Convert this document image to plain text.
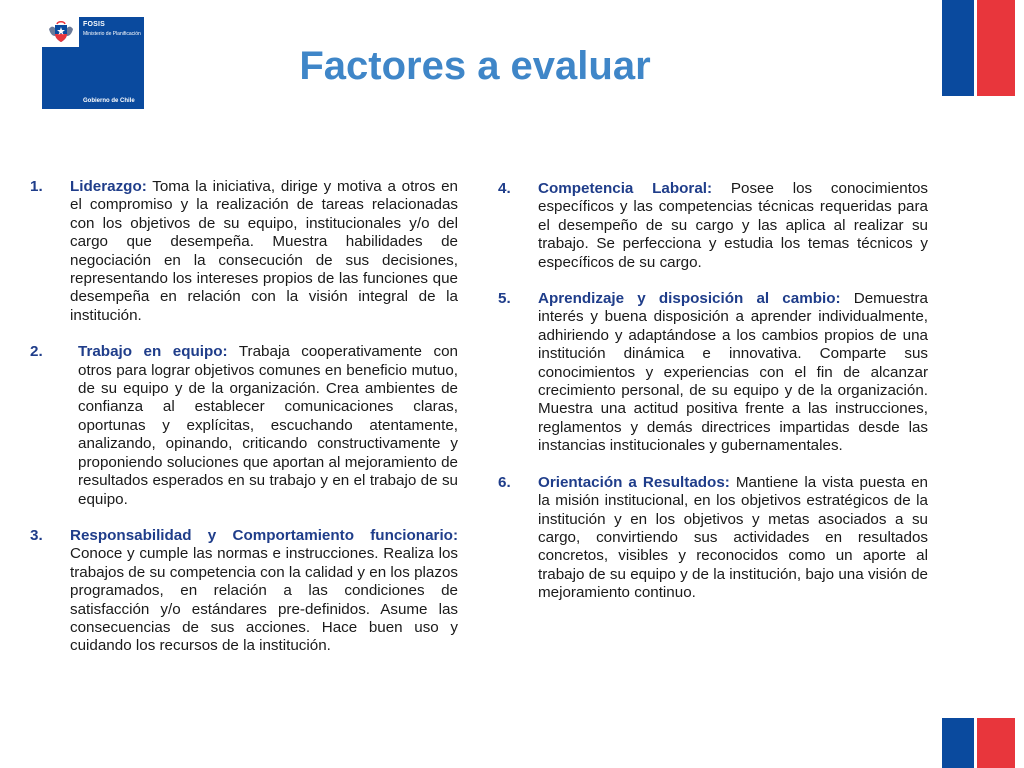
FOSIS
Ministerio de Planificación
Gobierno de Chile
Factores a evaluar
1.	Liderazgo: Toma la iniciativa, dirige y motiva a otros en el compromiso y la realización de tareas relacionadas con los objetivos de su equipo, institucionales y/o del cargo que desempeña. Muestra habilidades de negociación en la consecución de sus decisiones, representando los intereses propios de las funciones que desempeña en relación con la visión integral de la institución.
2.	Trabajo en equipo: Trabaja cooperativamente con otros para lograr objetivos comunes en beneficio mutuo, de su equipo y de la organización. Crea ambientes de confianza al establecer comunicaciones claras, oportunas y explícitas, escuchando atentamente, analizando, opinando, criticando constructivamente y proponiendo soluciones que aportan al mejoramiento de resultados esperados en su trabajo y en el trabajo de su equipo.
3.	Responsabilidad y Comportamiento funcionario: Conoce y cumple las normas e instrucciones. Realiza los trabajos de su competencia con la calidad y en los plazos programados, en relación a las condiciones de satisfacción y/o estándares pre-definidos. Asume las consecuencias de sus acciones. Hace buen uso y cuidando los recursos de la institución.
4.	Competencia Laboral: Posee los conocimientos específicos y las competencias técnicas requeridas para el desempeño de su cargo y las aplica al realizar su trabajo. Se perfecciona y estudia los temas técnicos y específicos de su cargo.
5.	Aprendizaje y disposición al cambio: Demuestra interés y buena disposición a aprender individualmente, adhiriendo y adaptándose a los cambios propios de una institución dinámica e innovativa. Comparte sus conocimientos y experiencias con el fin de alcanzar crecimiento personal, de su equipo y de la organización. Muestra una actitud positiva frente a las instrucciones, reglamentos y demás directrices impartidas desde las instancias institucionales y gubernamentales.
6.	Orientación a Resultados: Mantiene la vista puesta en la misión institucional, en los objetivos estratégicos de la institución y en los objetivos y metas asociados a su cargo, convirtiendo sus actividades en resultados concretos, visibles y reconocidos como un aporte al trabajo de su equipo y de la institución, bajo una visión de mejoramiento continuo.
